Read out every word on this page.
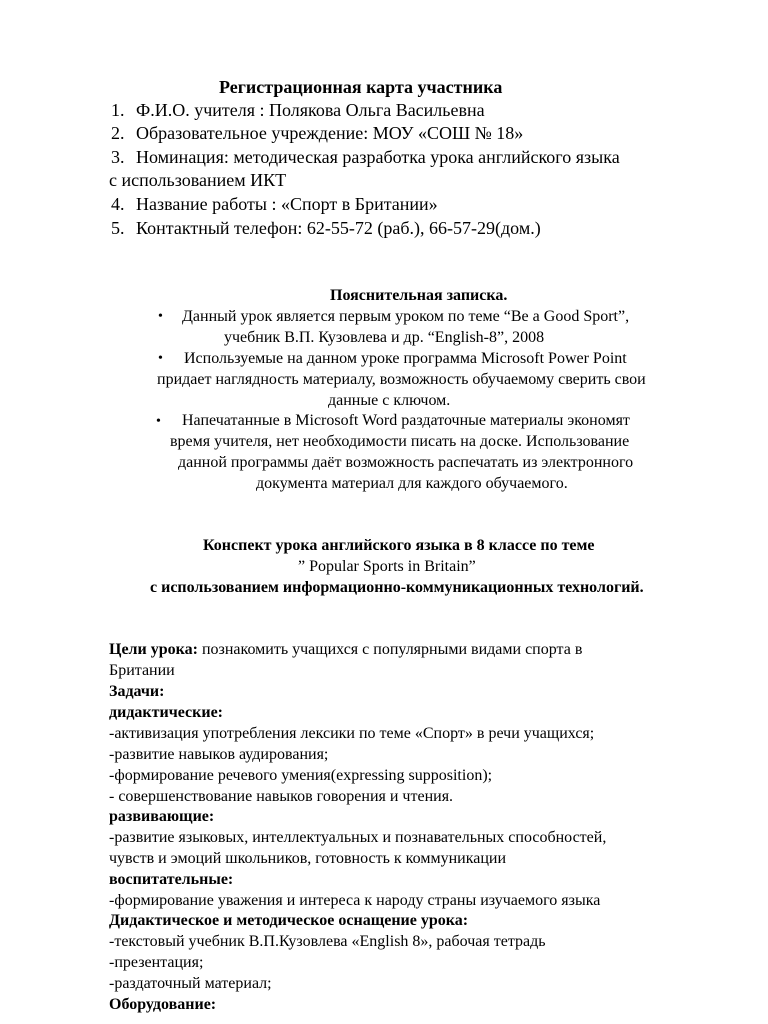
Регистрационная карта участника
1. Ф.И.О. учителя : Полякова Ольга Васильевна
2. Образовательное учреждение: МОУ «СОШ № 18»
3. Номинация: методическая разработка урока английского языка
с использованием ИКТ
4. Название работы : «Спорт в Британии»
5. Контактный телефон: 62-55-72 (раб.), 66-57-29(дом.)
Пояснительная записка.
• Данный урок является первым уроком по теме “Be a Good Sport”,
учебник В.П. Кузовлева и др. “English-8”, 2008
• Используемые на данном уроке программа Microsoft Power Point
придает наглядность материалу, возможность обучаемому сверить свои
данные с ключом.
• Напечатанные в Microsoft Word раздаточные материалы экономят
время учителя, нет необходимости писать на доске. Использование
данной программы даёт возможность распечатать из электронного
документа материал для каждого обучаемого.
Конспект урока английского языка в 8 классе по теме
” Popular Sports in Britain”
с использованием информационно-коммуникационных технологий.
Цели урока: познакомить учащихся с популярными видами спорта в
Британии
Задачи:
дидактические:
-активизация употребления лексики по теме «Спорт» в речи учащихся;
-развитие навыков аудирования;
-формирование речевого умения(expressing supposition);
- совершенствование навыков говорения и чтения.
развивающие:
-развитие языковых, интеллектуальных и познавательных способностей,
чувств и эмоций школьников, готовность к коммуникации
воспитательные:
-формирование уважения и интереса к народу страны изучаемого языка
Дидактическое и методическое оснащение урока:
-текстовый учебник В.П.Кузовлева «English 8», рабочая тетрадь
-презентация;
-раздаточный материал;
Оборудование:
